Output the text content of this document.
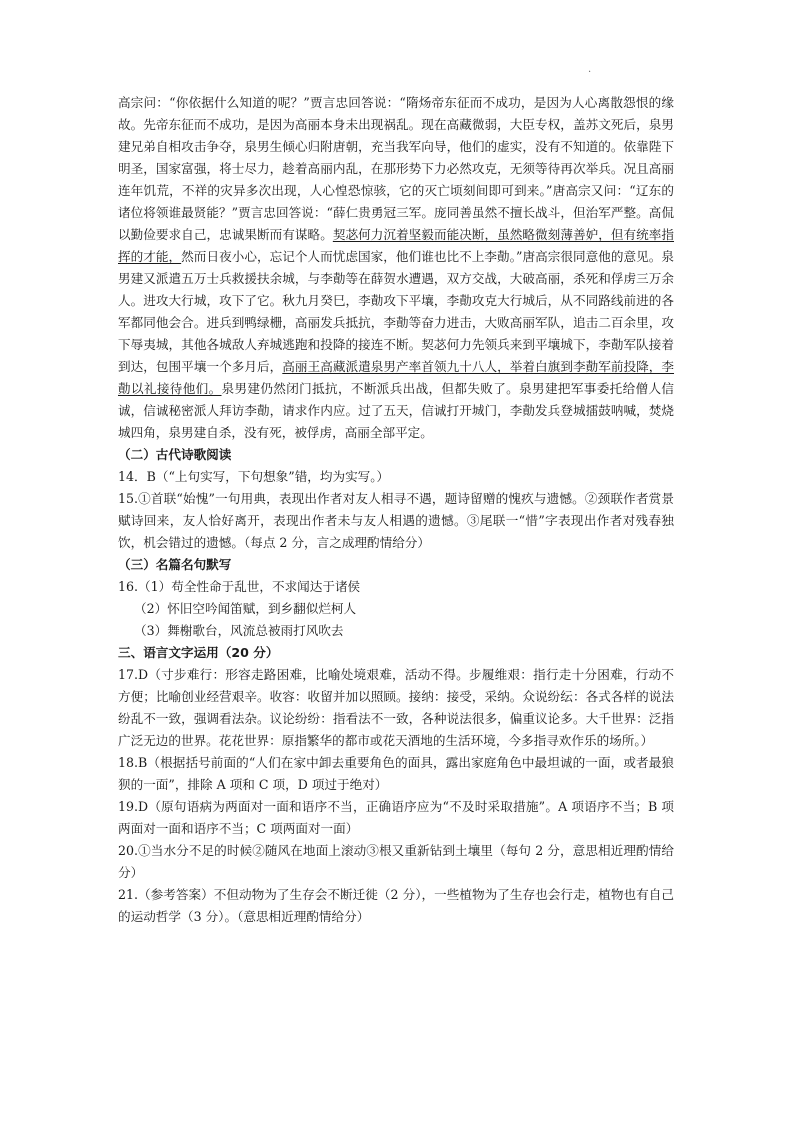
.

高宗问：“你依据什么知道的呢？”贾言忠回答说：“隋炀帝东征而不成功，是因为人心离散怨恨的缘故。先帝东征而不成功，是因为高丽本身未出现祸乱。现在高藏微弱，大臣专权，盖苏文死后，泉男建兄弟自相攻击争夺，泉男生倾心归附唐朝，充当我军向导，他们的虚实，没有不知道的。依靠陛下明圣，国家富强，将士尽力，趁着高丽内乱，在那形势下力必然攻克，无须等待再次举兵。况且高丽连年饥荒，不祥的灾异多次出现，人心惶恐惊骇，它的灭亡顷刻间即可到来。”唐高宗又问：“辽东的诸位将领谁最贤能？”贾言忠回答说：“薛仁贵勇冠三军。庞同善虽然不擅长战斗，但治军严整。高侃以勤俭要求自己，忠诚果断而有谋略。契苾何力沉着坚毅而能决断，虽然略微刻薄善妒，但有统率指挥的才能，然而日夜小心，忘记个人而忧虑国家，他们谁也比不上李勣。”唐高宗很同意他的意见。泉男建又派遣五万士兵救援扶余城，与李勣等在薛贺水遭遇，双方交战，大破高丽，杀死和俘虏三万余人。进攻大行城，攻下了它。秋九月癸巳，李勣攻下平壤，李勣攻克大行城后，从不同路线前进的各军都同他会合。进兵到鸭绿栅，高丽发兵抵抗，李勣等奋力进击，大败高丽军队，追击二百余里，攻下辱夷城，其他各城敌人弃城逃跑和投降的接连不断。契苾何力先领兵来到平壤城下，李勣军队接着到达，包围平壤一个多月后，高丽王高藏派遣泉男产率首领九十八人，举着白旗到李勣军前投降，李勣以礼接待他们。泉男建仍然闭门抵抗，不断派兵出战，但都失败了。泉男建把军事委托给僧人信诚，信诚秘密派人拜访李勣，请求作内应。过了五天，信诚打开城门，李勣发兵登城擂鼓呐喊，焚烧城四角，泉男建自杀，没有死，被俘虏，高丽全部平定。

（二）古代诗歌阅读

14．B（“上句实写，下句想象”错，均为实写。）

15.①首联“始愧”一句用典，表现出作者对友人相寻不遇，题诗留赠的愧疚与遗憾。②颈联作者赏景赋诗回来，友人恰好离开，表现出作者未与友人相遇的遗憾。③尾联一“惜”字表现出作者对残春独饮，机会错过的遗憾。（每点 2 分，言之成理酌情给分）

（三）名篇名句默写

16.（1）苟全性命于乱世，不求闻达于诸侯

（2）怀旧空吟闻笛赋，到乡翻似烂柯人

（3）舞榭歌台，风流总被雨打风吹去

三、语言文字运用（20 分）

17.D（寸步难行：形容走路困难，比喻处境艰难，活动不得。步履维艰：指行走十分困难，行动不方便；比喻创业经营艰辛。收容：收留并加以照顾。接纳：接受，采纳。众说纷纭：各式各样的说法纷乱不一致，强调看法杂。议论纷纷：指看法不一致，各种说法很多，偏重议论多。大千世界：泛指广泛无边的世界。花花世界：原指繁华的都市或花天酒地的生活环境，今多指寻欢作乐的场所。）

18.B（根据括号前面的“人们在家中卸去重要角色的面具，露出家庭角色中最坦诚的一面，或者最狼狈的一面”，排除 A 项和 C 项，D 项过于绝对）

19.D（原句语病为两面对一面和语序不当，正确语序应为“不及时采取措施”。A 项语序不当；B 项两面对一面和语序不当；C 项两面对一面）

20.①当水分不足的时候②随风在地面上滚动③根又重新钻到土壤里（每句 2 分，意思相近理酌情给分）

21.（参考答案）不但动物为了生存会不断迁徙（2 分），一些植物为了生存也会行走，植物也有自己的运动哲学（3 分）。（意思相近理酌情给分）
